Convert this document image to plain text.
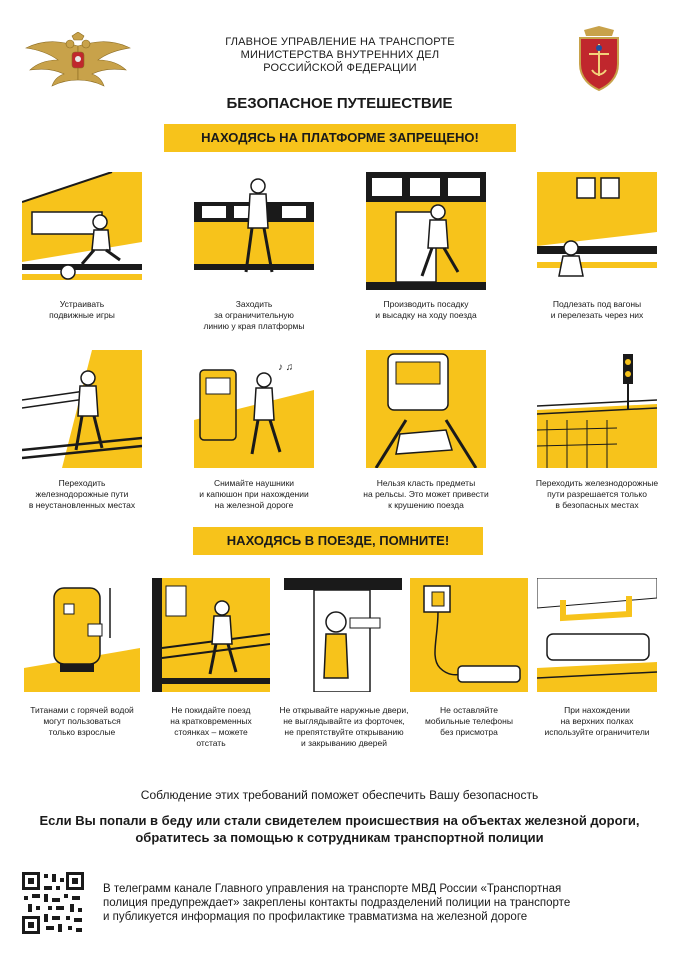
ГЛАВНОЕ УПРАВЛЕНИЕ НА ТРАНСПОРТЕ
МИНИСТЕРСТВА ВНУТРЕННИХ ДЕЛ
РОССИЙСКОЙ ФЕДЕРАЦИИ
БЕЗОПАСНОЕ ПУТЕШЕСТВИЕ
НАХОДЯСЬ НА ПЛАТФОРМЕ ЗАПРЕЩЕНО!
Устраивать
подвижные игры
Заходить
за ограничительную
линию у края платформы
Производить посадку
и высадку на ходу поезда
Подлезать под вагоны
и перелезать через них
♪ ♫
Переходить
железнодорожные пути
в неустановленных местах
Снимайте наушники
и капюшон при нахождении
на железной дороге
Нельзя класть предметы
на рельсы. Это может привести
к крушению поезда
Переходить железнодорожные
пути разрешается только
в безопасных местах
НАХОДЯСЬ В ПОЕЗДЕ, ПОМНИТЕ!
Титанами с горячей водой
могут пользоваться
только взрослые
Не покидайте поезд
на кратковременных
стоянках – можете
отстать
Не открывайте наружные двери,
не выглядывайте из форточек,
не препятствуйте открыванию
и закрыванию дверей
Не оставляйте
мобильные телефоны
без присмотра
При нахождении
на верхних полках
используйте ограничители
Соблюдение этих требований поможет обеспечить Вашу безопасность
Если Вы попали в беду или стали свидетелем происшествия на объектах железной дороги,
обратитесь за помощью к сотрудникам транспортной полиции
В телеграмм канале Главного управления на транспорте МВД России «Транспортная
полиция предупреждает» закреплены контакты подразделений полиции на транспорте
и публикуется информация по профилактике травматизма на железной дороге
